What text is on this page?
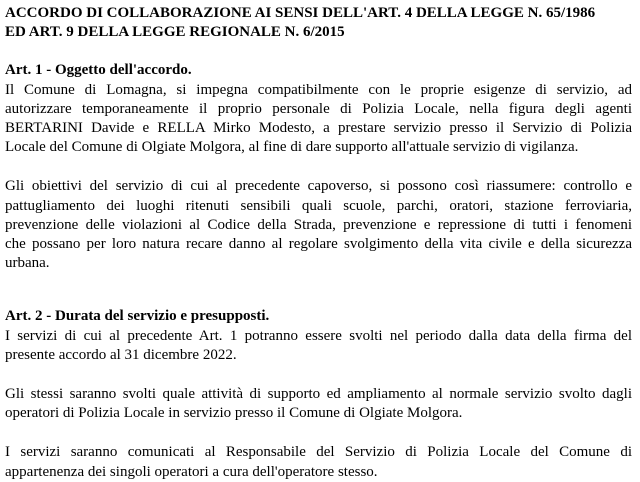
ACCORDO DI COLLABORAZIONE AI SENSI DELL'ART. 4 DELLA LEGGE N. 65/1986
ED ART. 9 DELLA LEGGE REGIONALE N. 6/2015
Art. 1 - Oggetto dell'accordo.
Il Comune di Lomagna, si impegna compatibilmente con le proprie esigenze di servizio, ad
autorizzare temporaneamente il proprio personale di Polizia Locale, nella figura degli agenti
BERTARINI Davide e RELLA Mirko Modesto, a prestare servizio presso il Servizio di Polizia
Locale del Comune di Olgiate Molgora, al fine di dare supporto all'attuale servizio di vigilanza.
Gli obiettivi del servizio di cui al precedente capoverso, si possono così riassumere: controllo e
pattugliamento dei luoghi ritenuti sensibili quali scuole, parchi, oratori, stazione ferroviaria,
prevenzione delle violazioni al Codice della Strada, prevenzione e repressione di tutti i fenomeni
che possano per loro natura recare danno al regolare svolgimento della vita civile e della sicurezza
urbana.
Art. 2 - Durata del servizio e presupposti.
I servizi di cui al precedente Art. 1 potranno essere svolti nel periodo dalla data della firma del
presente accordo al 31 dicembre 2022.
Gli stessi saranno svolti quale attività di supporto ed ampliamento al normale servizio svolto dagli
operatori di Polizia Locale in servizio presso il Comune di Olgiate Molgora.
I servizi saranno comunicati al Responsabile del Servizio di Polizia Locale del Comune di
appartenenza dei singoli operatori a cura dell'operatore stesso.
